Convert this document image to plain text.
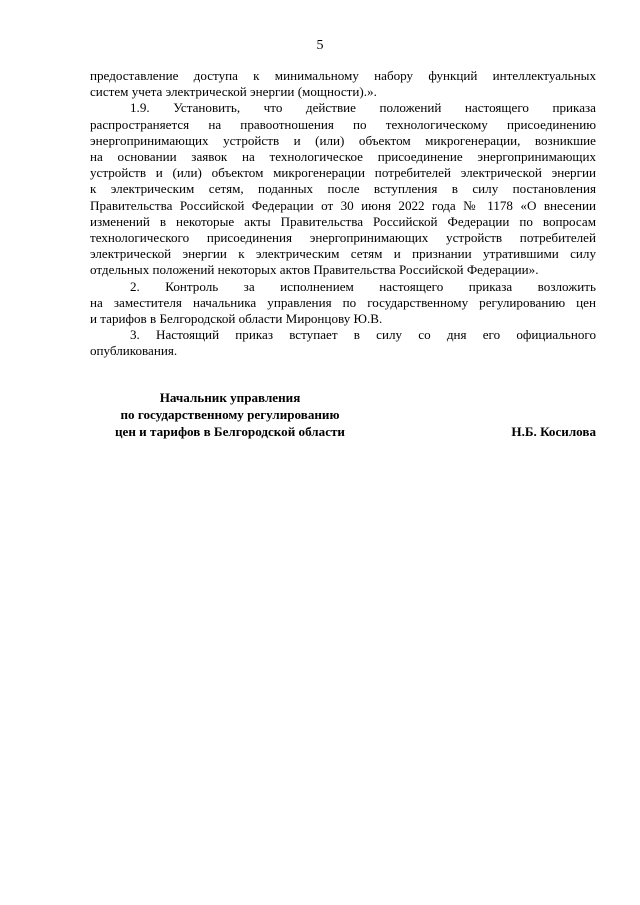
5

предоставление доступа к минимальному набору функций интеллектуальных
систем учета электрической энергии (мощности).».

1.9. Установить, что действие положений настоящего приказа
распространяется на правоотношения по технологическому присоединению
энергопринимающих устройств и (или) объектом микрогенерации, возникшие
на основании заявок на технологическое присоединение энергопринимающих
устройств и (или) объектом микрогенерации потребителей электрической энергии
к электрическим сетям, поданных после вступления в силу постановления
Правительства Российской Федерации от 30 июня 2022 года № 1178 «О внесении
изменений в некоторые акты Правительства Российской Федерации по вопросам
технологического присоединения энергопринимающих устройств потребителей
электрической энергии к электрическим сетям и признании утратившими силу
отдельных положений некоторых актов Правительства Российской Федерации».

2. Контроль за исполнением настоящего приказа возложить
на заместителя начальника управления по государственному регулированию цен
и тарифов в Белгородской области Миронцову Ю.В.

3. Настоящий приказ вступает в силу со дня его официального
опубликования.

Начальник управления
по государственному регулированию
цен и тарифов в Белгородской области	Н.Б. Косилова
